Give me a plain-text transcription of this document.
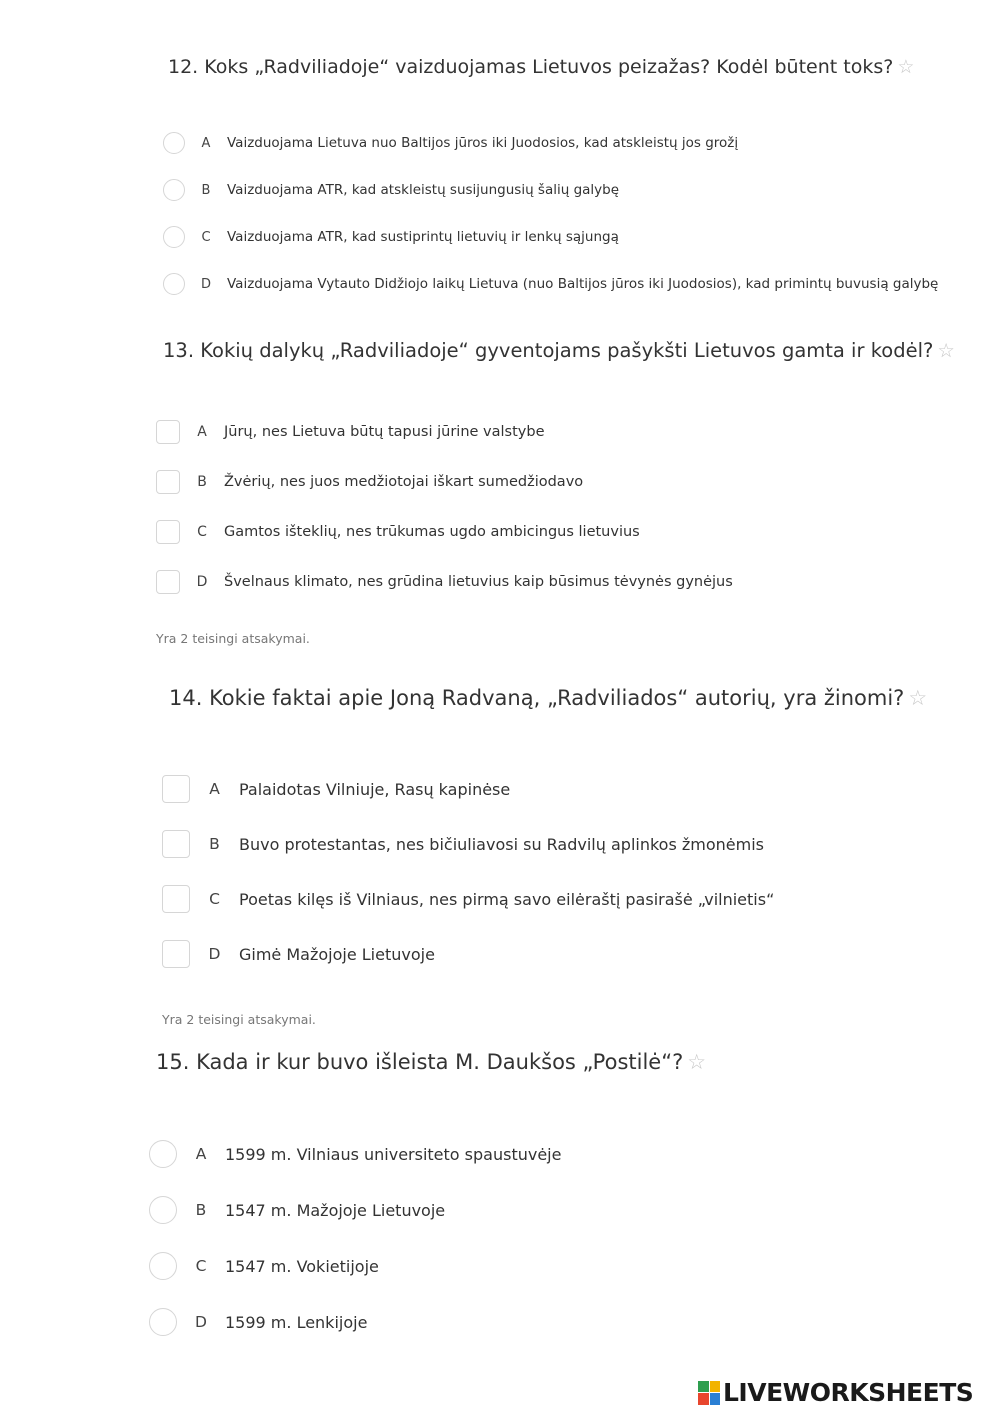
12. Koks „Radviliadoje“ vaizduojamas Lietuvos peizažas? Kodėl būtent toks? ☆
A	Vaizduojama Lietuva nuo Baltijos jūros iki Juodosios, kad atskleistų jos grožį
B	Vaizduojama ATR, kad atskleistų susijungusių šalių galybę
C	Vaizduojama ATR, kad sustiprintų lietuvių ir lenkų sąjungą
D	Vaizduojama Vytauto Didžiojo laikų Lietuva (nuo Baltijos jūros iki Juodosios), kad primintų buvusią galybę
13. Kokių dalykų „Radviliadoje“ gyventojams pašykšti Lietuvos gamta ir kodėl? ☆
A	Jūrų, nes Lietuva būtų tapusi jūrine valstybe
B	Žvėrių, nes juos medžiotojai iškart sumedžiodavo
C	Gamtos išteklių, nes trūkumas ugdo ambicingus lietuvius
D	Švelnaus klimato, nes grūdina lietuvius kaip būsimus tėvynės gynėjus
Yra 2 teisingi atsakymai.
14. Kokie faktai apie Joną Radvaną, „Radviliados“ autorių, yra žinomi? ☆
A	Palaidotas Vilniuje, Rasų kapinėse
B	Buvo protestantas, nes bičiuliavosi su Radvilų aplinkos žmonėmis
C	Poetas kilęs iš Vilniaus, nes pirmą savo eilėraštį pasirašė „vilnietis“
D	Gimė Mažojoje Lietuvoje
Yra 2 teisingi atsakymai.
15. Kada ir kur buvo išleista M. Daukšos „Postilė“? ☆
A	1599 m. Vilniaus universiteto spaustuvėje
B	1547 m. Mažojoje Lietuvoje
C	1547 m. Vokietijoje
D	1599 m. Lenkijoje
LIVEWORKSHEETS
